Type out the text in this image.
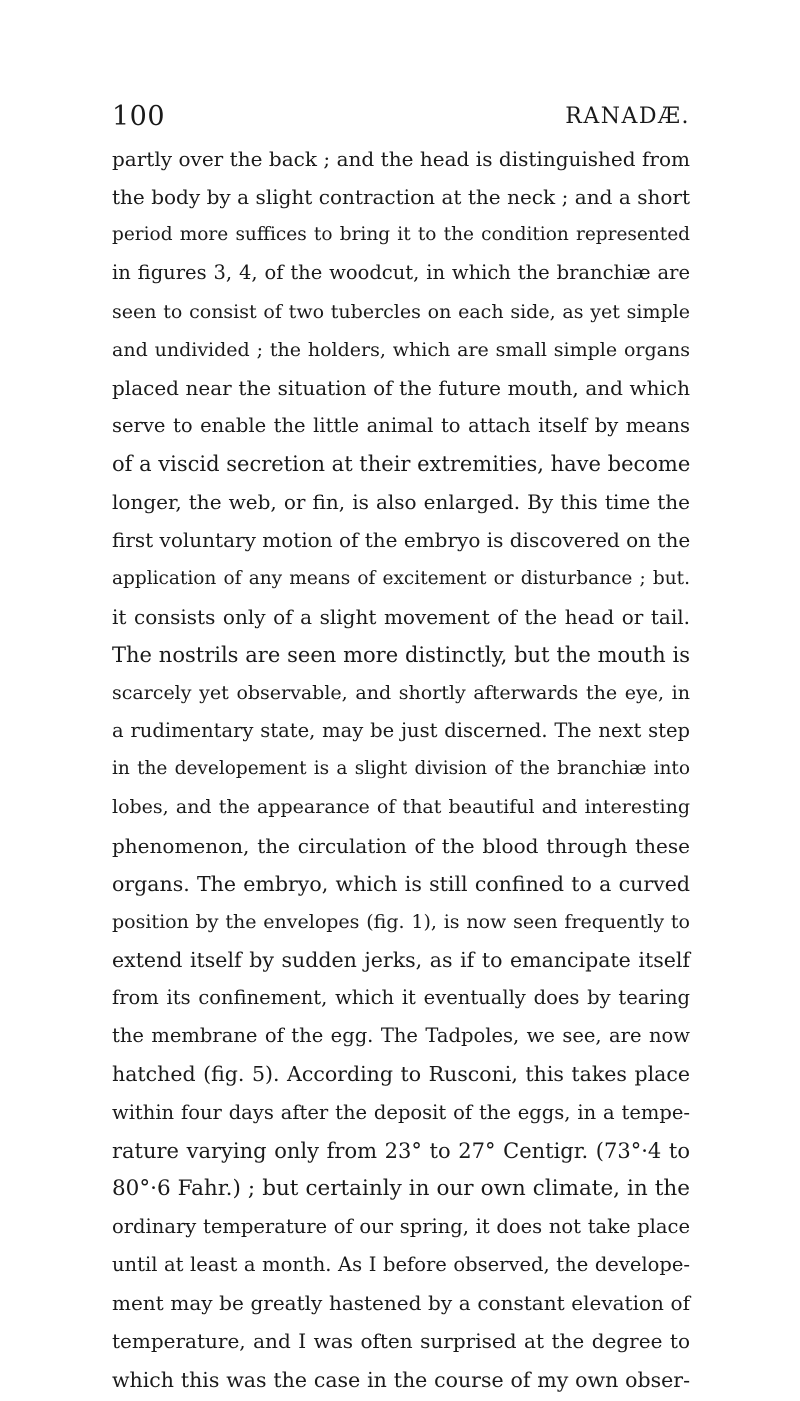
100	RANADÆ.
partly over the back ; and the head is distinguished from
the body by a slight contraction at the neck ; and a short
period more suffices to bring it to the condition represented
in figures 3, 4, of the woodcut, in which the branchiæ are
seen to consist of two tubercles on each side, as yet simple
and undivided ; the holders, which are small simple organs
placed near the situation of the future mouth, and which
serve to enable the little animal to attach itself by means
of a viscid secretion at their extremities, have become
longer, the web, or fin, is also enlarged. By this time the
first voluntary motion of the embryo is discovered on the
application of any means of excitement or disturbance ; but.
it consists only of a slight movement of the head or tail.
The nostrils are seen more distinctly, but the mouth is
scarcely yet observable, and shortly afterwards the eye, in
a rudimentary state, may be just discerned. The next step
in the developement is a slight division of the branchiæ into
lobes, and the appearance of that beautiful and interesting
phenomenon, the circulation of the blood through these
organs. The embryo, which is still confined to a curved
position by the envelopes (fig. 1), is now seen frequently to
extend itself by sudden jerks, as if to emancipate itself
from its confinement, which it eventually does by tearing
the membrane of the egg. The Tadpoles, we see, are now
hatched (fig. 5). According to Rusconi, this takes place
within four days after the deposit of the eggs, in a tempe-
rature varying only from 23° to 27° Centigr. (73°·4 to
80°·6 Fahr.) ; but certainly in our own climate, in the
ordinary temperature of our spring, it does not take place
until at least a month. As I before observed, the develope-
ment may be greatly hastened by a constant elevation of
temperature, and I was often surprised at the degree to
which this was the case in the course of my own obser-
